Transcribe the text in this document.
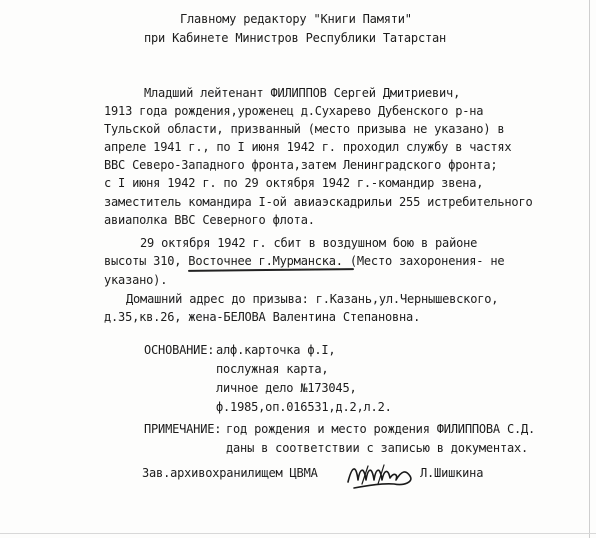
Главному редактору "Книги Памяти"
при Кабинете Министров Республики Татарстан
Младший лейтенант ФИЛИППОВ Сергей Дмитриевич,
1913 года рождения,уроженец д.Сухарево Дубенского р-на
Тульской области, призванный (место призыва не указано) в
апреле 1941 г., по I июня 1942 г. проходил службу в частях
ВВС Северо-Западного фронта,затем Ленинградского фронта;
с I июня 1942 г. по 29 октября 1942 г.-командир звена,
заместитель командира I-ой авиаэскадрильи 255 истребительного
авиаполка ВВС Северного флота.
29 октября 1942 г. сбит в воздушном бою в районе
высоты 310, Восточнее г.Мурманска. (Место захоронения- не
указано).
Домашний адрес до призыва: г.Казань,ул.Чернышевского,
д.35,кв.26, жена-БЕЛОВА Валентина Степановна.
ОСНОВАНИЕ: алф.карточка ф.I,
послужная карта,
личное дело №173045,
ф.1985,оп.016531,д.2,л.2.
ПРИМЕЧАНИЕ: год рождения и место рождения ФИЛИППОВА С.Д.
даны в соответствии с записью в документах.
Зав.архивохранилищем ЦВМА	Л.Шишкина
